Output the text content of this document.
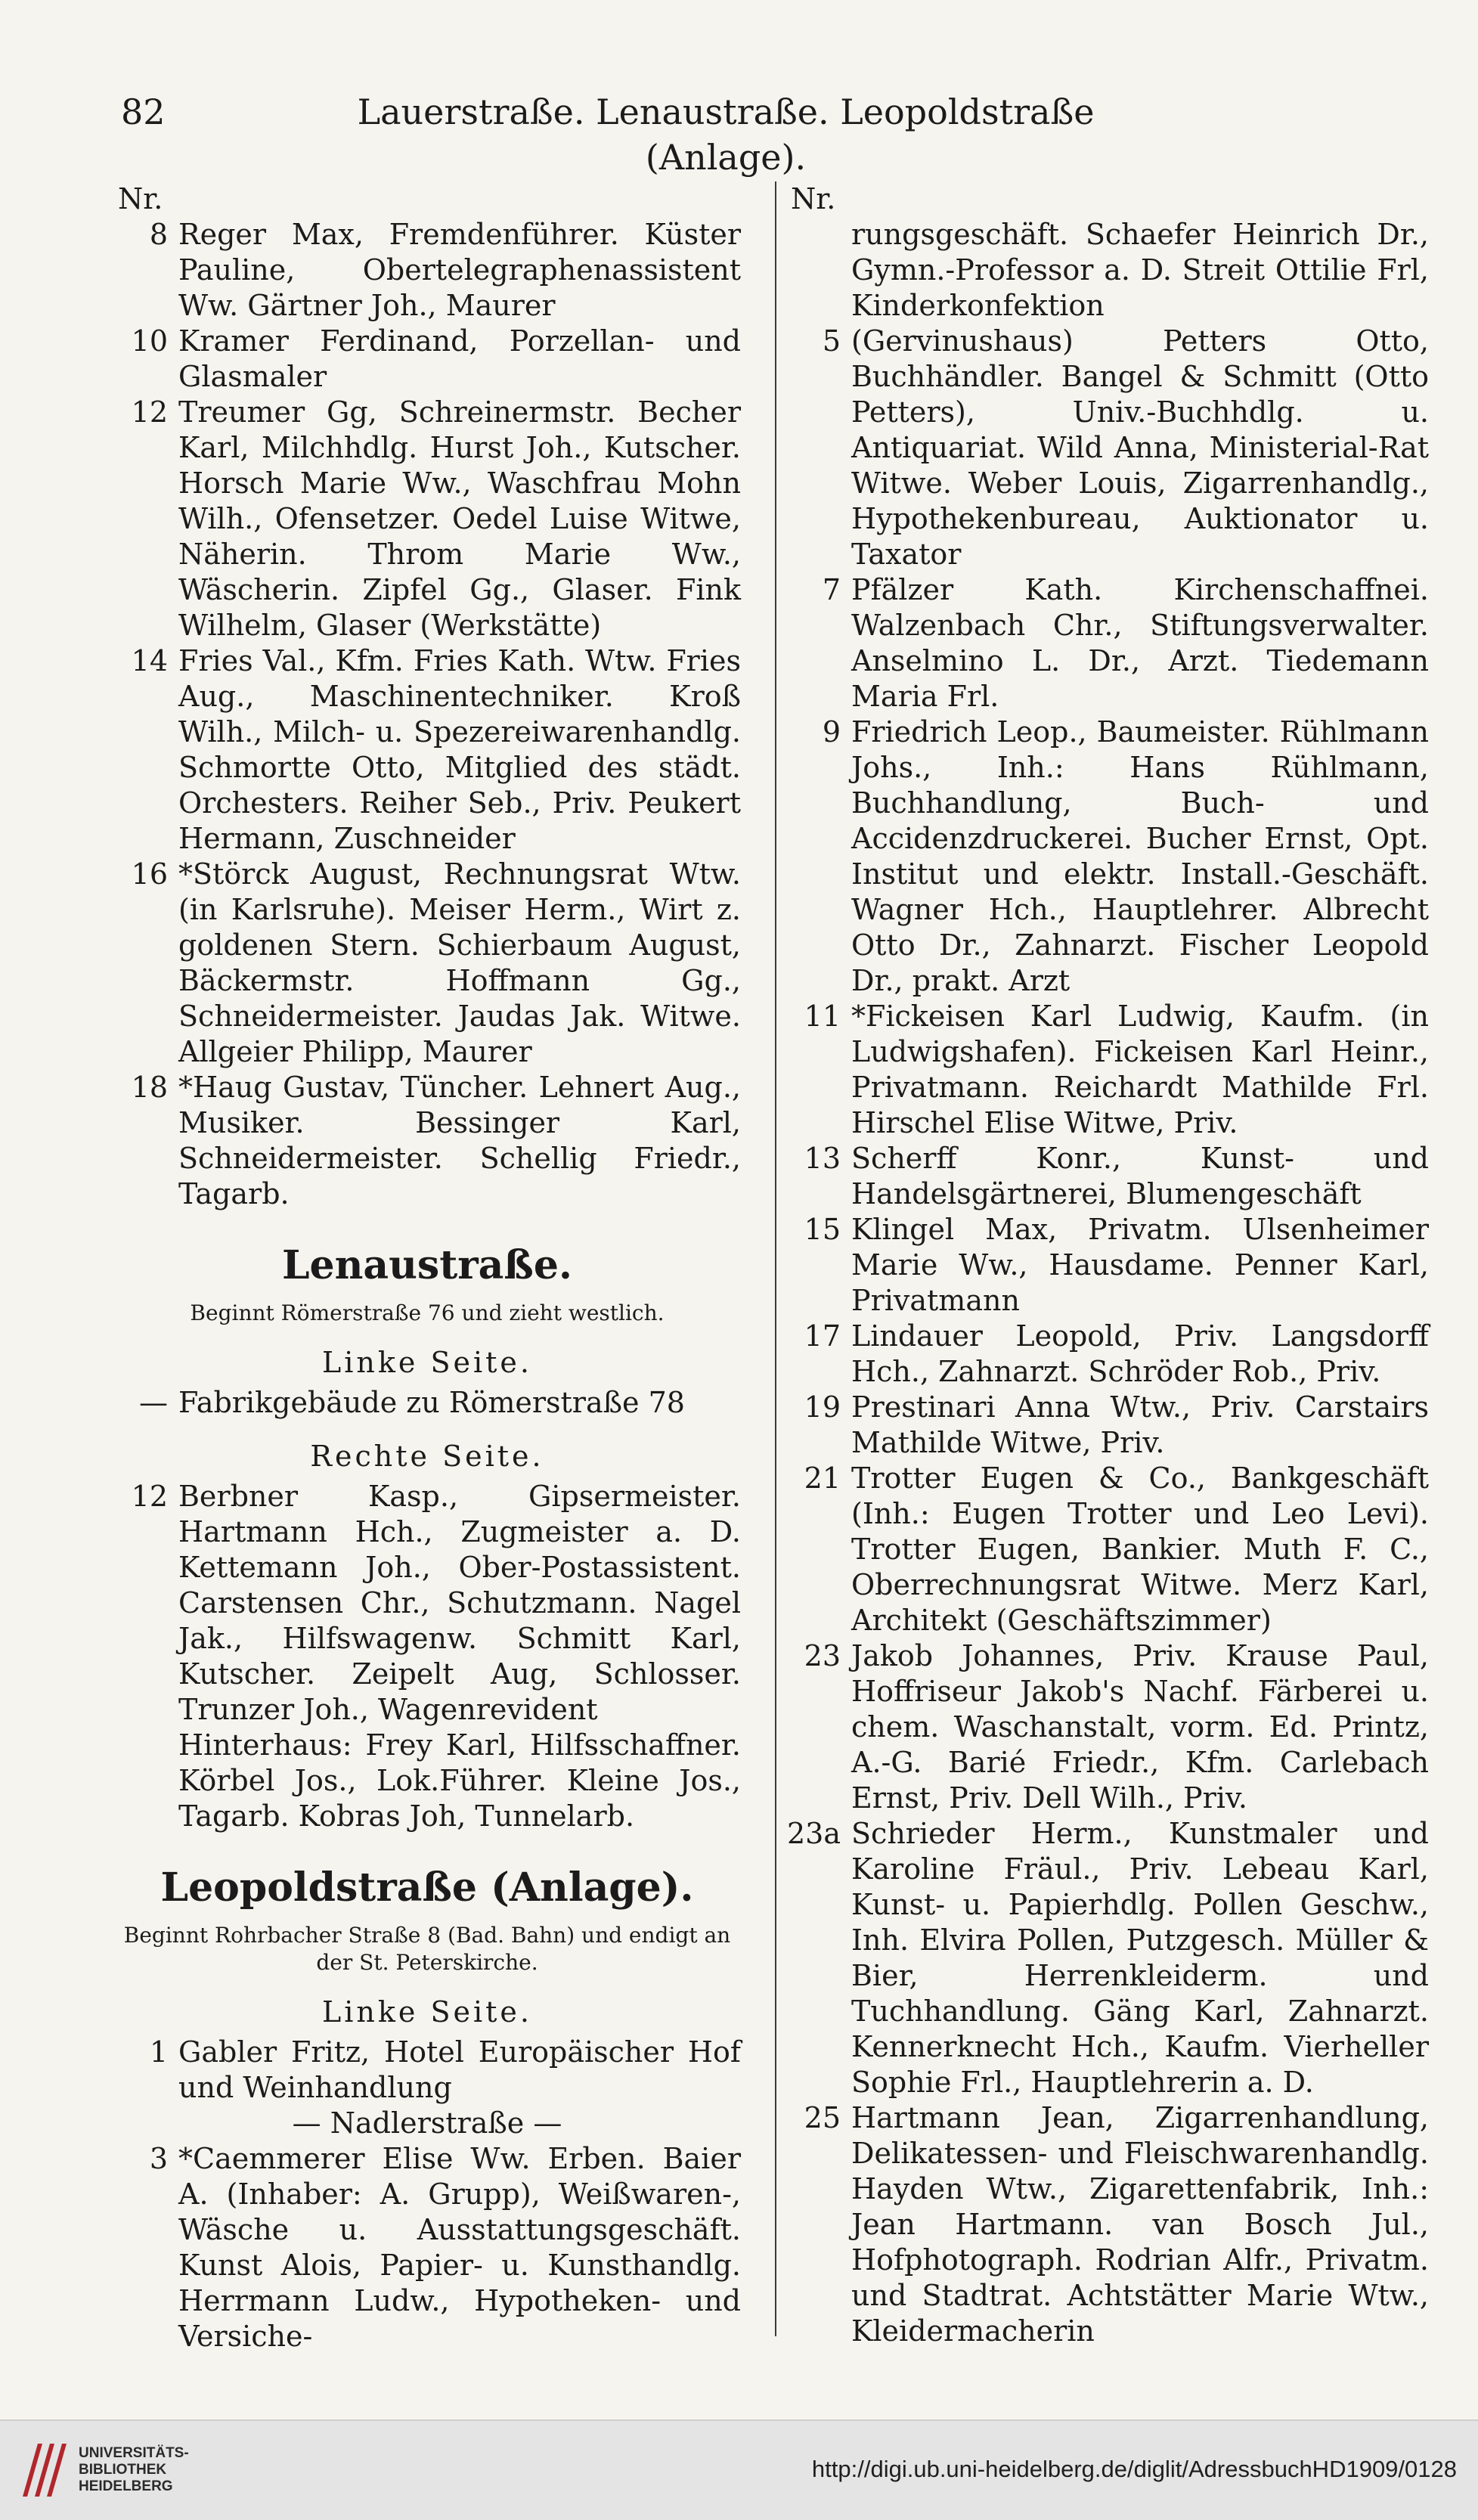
82	Lauerstraße. Lenaustraße. Leopoldstraße (Anlage).
Nr.
8 Reger Max, Fremdenführer. Küster Pauline, Obertelegraphenassistent Ww. Gärtner Joh., Maurer
10 Kramer Ferdinand, Porzellan- und Glasmaler
12 Treumer Gg, Schreinermstr. Becher Karl, Milchhdlg. Hurst Joh., Kutscher. Horsch Marie Ww., Waschfrau Mohn Wilh., Ofensetzer. Oedel Luise Witwe, Näherin. Throm Marie Ww., Wäscherin. Zipfel Gg., Glaser. Fink Wilhelm, Glaser (Werkstätte)
14 Fries Val., Kfm. Fries Kath. Wtw. Fries Aug., Maschinentechniker. Kroß Wilh., Milch- u. Spezereiwarenhandlg. Schmortte Otto, Mitglied des städt. Orchesters. Reiher Seb., Priv. Peukert Hermann, Zuschneider
16 *Störck August, Rechnungsrat Wtw. (in Karlsruhe). Meiser Herm., Wirt z. goldenen Stern. Schierbaum August, Bäckermstr. Hoffmann Gg., Schneidermeister. Jaudas Jak. Witwe. Allgeier Philipp, Maurer
18 *Haug Gustav, Tüncher. Lehnert Aug., Musiker. Bessinger Karl, Schneidermeister. Schellig Friedr., Tagarb.
Lenaustraße.
Beginnt Römerstraße 76 und zieht westlich.
Linke Seite.
— Fabrikgebäude zu Römerstraße 78
Rechte Seite.
12 Berbner Kasp., Gipsermeister. Hartmann Hch., Zugmeister a. D. Kettemann Joh., Ober-Postassistent. Carstensen Chr., Schutzmann. Nagel Jak., Hilfswagenw. Schmitt Karl, Kutscher. Zeipelt Aug, Schlosser. Trunzer Joh., Wagenrevident
Hinterhaus: Frey Karl, Hilfsschaffner. Körbel Jos., Lok.Führer. Kleine Jos., Tagarb. Kobras Joh, Tunnelarb.
Leopoldstraße (Anlage).
Beginnt Rohrbacher Straße 8 (Bad. Bahn) und endigt an der St. Peterskirche.
Linke Seite.
1 Gabler Fritz, Hotel Europäischer Hof und Weinhandlung
— Nadlerstraße —
3 *Caemmerer Elise Ww. Erben. Baier A. (Inhaber: A. Grupp), Weißwaren-, Wäsche u. Ausstattungsgeschäft. Kunst Alois, Papier- u. Kunsthandlg. Herrmann Ludw., Hypotheken- und Versiche-
Nr.
rungsgeschäft. Schaefer Heinrich Dr., Gymn.-Professor a. D. Streit Ottilie Frl, Kinderkonfektion
5 (Gervinushaus) Petters Otto, Buchhändler. Bangel & Schmitt (Otto Petters), Univ.-Buchhdlg. u. Antiquariat. Wild Anna, Ministerial-Rat Witwe. Weber Louis, Zigarrenhandlg., Hypothekenbureau, Auktionator u. Taxator
7 Pfälzer Kath. Kirchenschaffnei. Walzenbach Chr., Stiftungsverwalter. Anselmino L. Dr., Arzt. Tiedemann Maria Frl.
9 Friedrich Leop., Baumeister. Rühlmann Johs., Inh.: Hans Rühlmann, Buchhandlung, Buch- und Accidenzdruckerei. Bucher Ernst, Opt. Institut und elektr. Install.-Geschäft. Wagner Hch., Hauptlehrer. Albrecht Otto Dr., Zahnarzt. Fischer Leopold Dr., prakt. Arzt
11 *Fickeisen Karl Ludwig, Kaufm. (in Ludwigshafen). Fickeisen Karl Heinr., Privatmann. Reichardt Mathilde Frl. Hirschel Elise Witwe, Priv.
13 Scherff Konr., Kunst- und Handelsgärtnerei, Blumengeschäft
15 Klingel Max, Privatm. Ulsenheimer Marie Ww., Hausdame. Penner Karl, Privatmann
17 Lindauer Leopold, Priv. Langsdorff Hch., Zahnarzt. Schröder Rob., Priv.
19 Prestinari Anna Wtw., Priv. Carstairs Mathilde Witwe, Priv.
21 Trotter Eugen & Co., Bankgeschäft (Inh.: Eugen Trotter und Leo Levi). Trotter Eugen, Bankier. Muth F. C., Oberrechnungsrat Witwe. Merz Karl, Architekt (Geschäftszimmer)
23 Jakob Johannes, Priv. Krause Paul, Hoffriseur Jakob's Nachf. Färberei u. chem. Waschanstalt, vorm. Ed. Printz, A.-G. Barié Friedr., Kfm. Carlebach Ernst, Priv. Dell Wilh., Priv.
23a Schrieder Herm., Kunstmaler und Karoline Fräul., Priv. Lebeau Karl, Kunst- u. Papierhdlg. Pollen Geschw., Inh. Elvira Pollen, Putzgesch. Müller & Bier, Herrenkleiderm. und Tuchhandlung. Gäng Karl, Zahnarzt. Kennerknecht Hch., Kaufm. Vierheller Sophie Frl., Hauptlehrerin a. D.
25 Hartmann Jean, Zigarrenhandlung, Delikatessen- und Fleischwarenhandlg. Hayden Wtw., Zigarettenfabrik, Inh.: Jean Hartmann. van Bosch Jul., Hofphotograph. Rodrian Alfr., Privatm. und Stadtrat. Achtstätter Marie Wtw., Kleidermacherin
UNIVERSITÄTS-
BIBLIOTHEK
HEIDELBERG
http://digi.ub.uni-heidelberg.de/diglit/AdressbuchHD1909/0128
